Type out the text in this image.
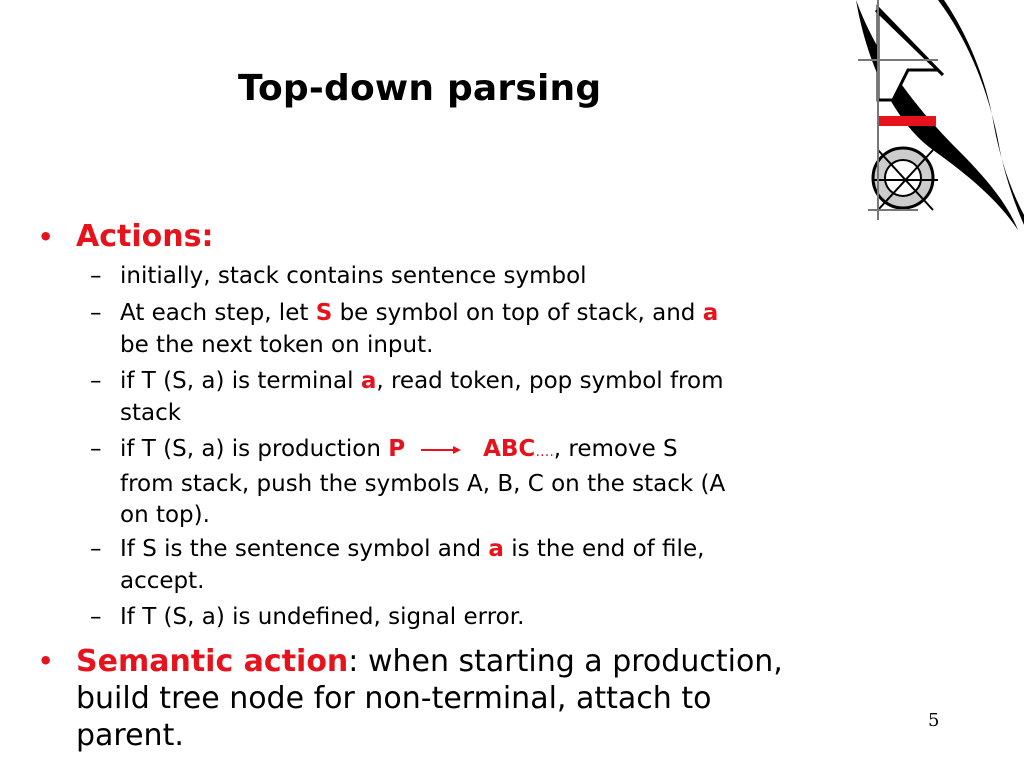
Top-down parsing
• Actions:
– initially, stack contains sentence symbol
– At each step, let S be symbol on top of stack, and a
be the next token on input.
– if T (S, a) is terminal a, read token, pop symbol from
stack
– if T (S, a) is production P	ABC…., remove S
from stack, push the symbols A, B, C on the stack (A
on top).
– If S is the sentence symbol and a is the end of file,
accept.
– If T (S, a) is undefined, signal error.
• Semantic action: when starting a production,
build tree node for non-terminal, attach to
parent.	5
